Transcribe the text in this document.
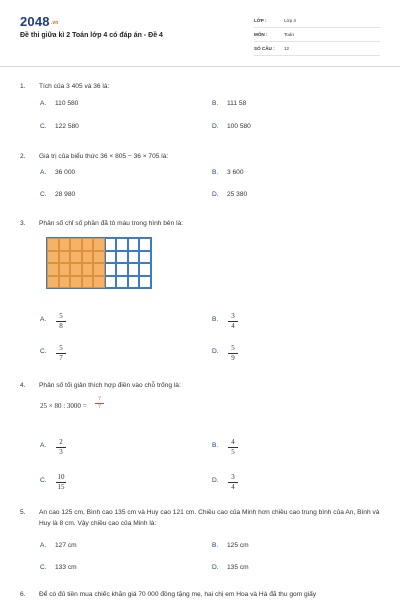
2048.vn
Đề thi giữa kì 2 Toán lớp 4 có đáp án - Đề 4
LỚP :	Lớp 4
MÔN :	Toán
SỐ CÂU : 12
1. Tích của 3 405 và 36 là:
A. 110 580	B. 111 58
C. 122 580	D. 100 580
2. Giá trị của biểu thức 36 × 805 − 36 × 705 là:
A. 36 000	B. 3 600
C. 28 980	D. 25 380
3. Phân số chỉ số phần đã tô màu trong hình bên là:
A.	5
8
B.	3
4
C.	5
7
D.	5
9
4. Phân số tối giản thích hợp điền vào chỗ trống là:
25 × 80 : 3000 =
?
?
A.	2
3
B.	4
5
C.	10
15
D.	3
4
5. An cao 125 cm, Bình cao 135 cm và Huy cao 121 cm. Chiều cao của Minh hơn chiều cao trung bình của An, Bình và Huy là 8 cm. Vậy chiều cao của Minh là:
A. 127 cm	B. 125 cm
C. 133 cm	D. 135 cm
6. Để có đủ tiền mua chiếc khăn giá 70 000 đồng tặng mẹ, hai chị em Hoa và Hà đã thu gom giấy
